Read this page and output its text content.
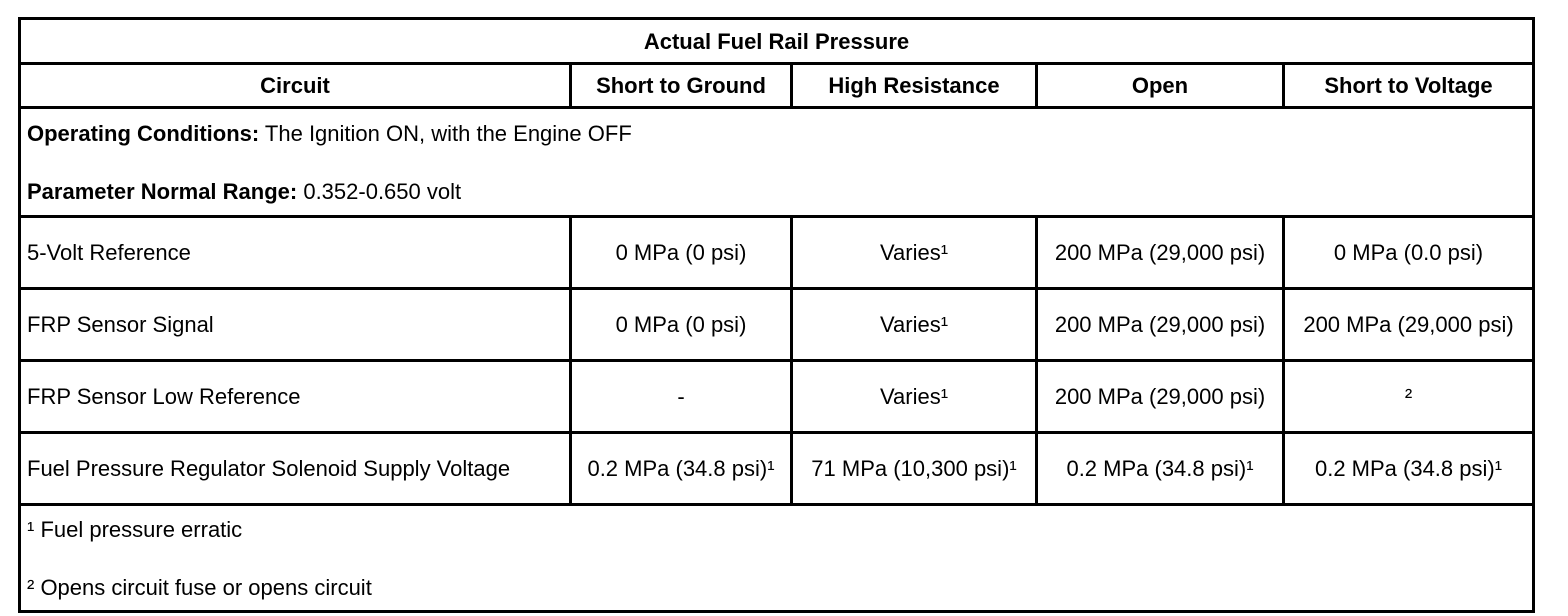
Actual Fuel Rail Pressure				
Circuit	Short to Ground	High Resistance	Open	Short to Voltage

Operating Conditions: The Ignition ON, with the Engine OFF
Parameter Normal Range: 0.352-0.650 volt				

5-Volt Reference	0 MPa (0 psi)	Varies¹	200 MPa (29,000 psi)	0 MPa (0.0 psi)
FRP Sensor Signal	0 MPa (0 psi)	Varies¹	200 MPa (29,000 psi)	200 MPa (29,000 psi)
FRP Sensor Low Reference	-	Varies¹	200 MPa (29,000 psi)	²
Fuel Pressure Regulator Solenoid Supply Voltage	0.2 MPa (34.8 psi)¹	71 MPa (10,300 psi)¹	0.2 MPa (34.8 psi)¹	0.2 MPa (34.8 psi)¹

¹ Fuel pressure erratic
² Opens circuit fuse or opens circuit				
